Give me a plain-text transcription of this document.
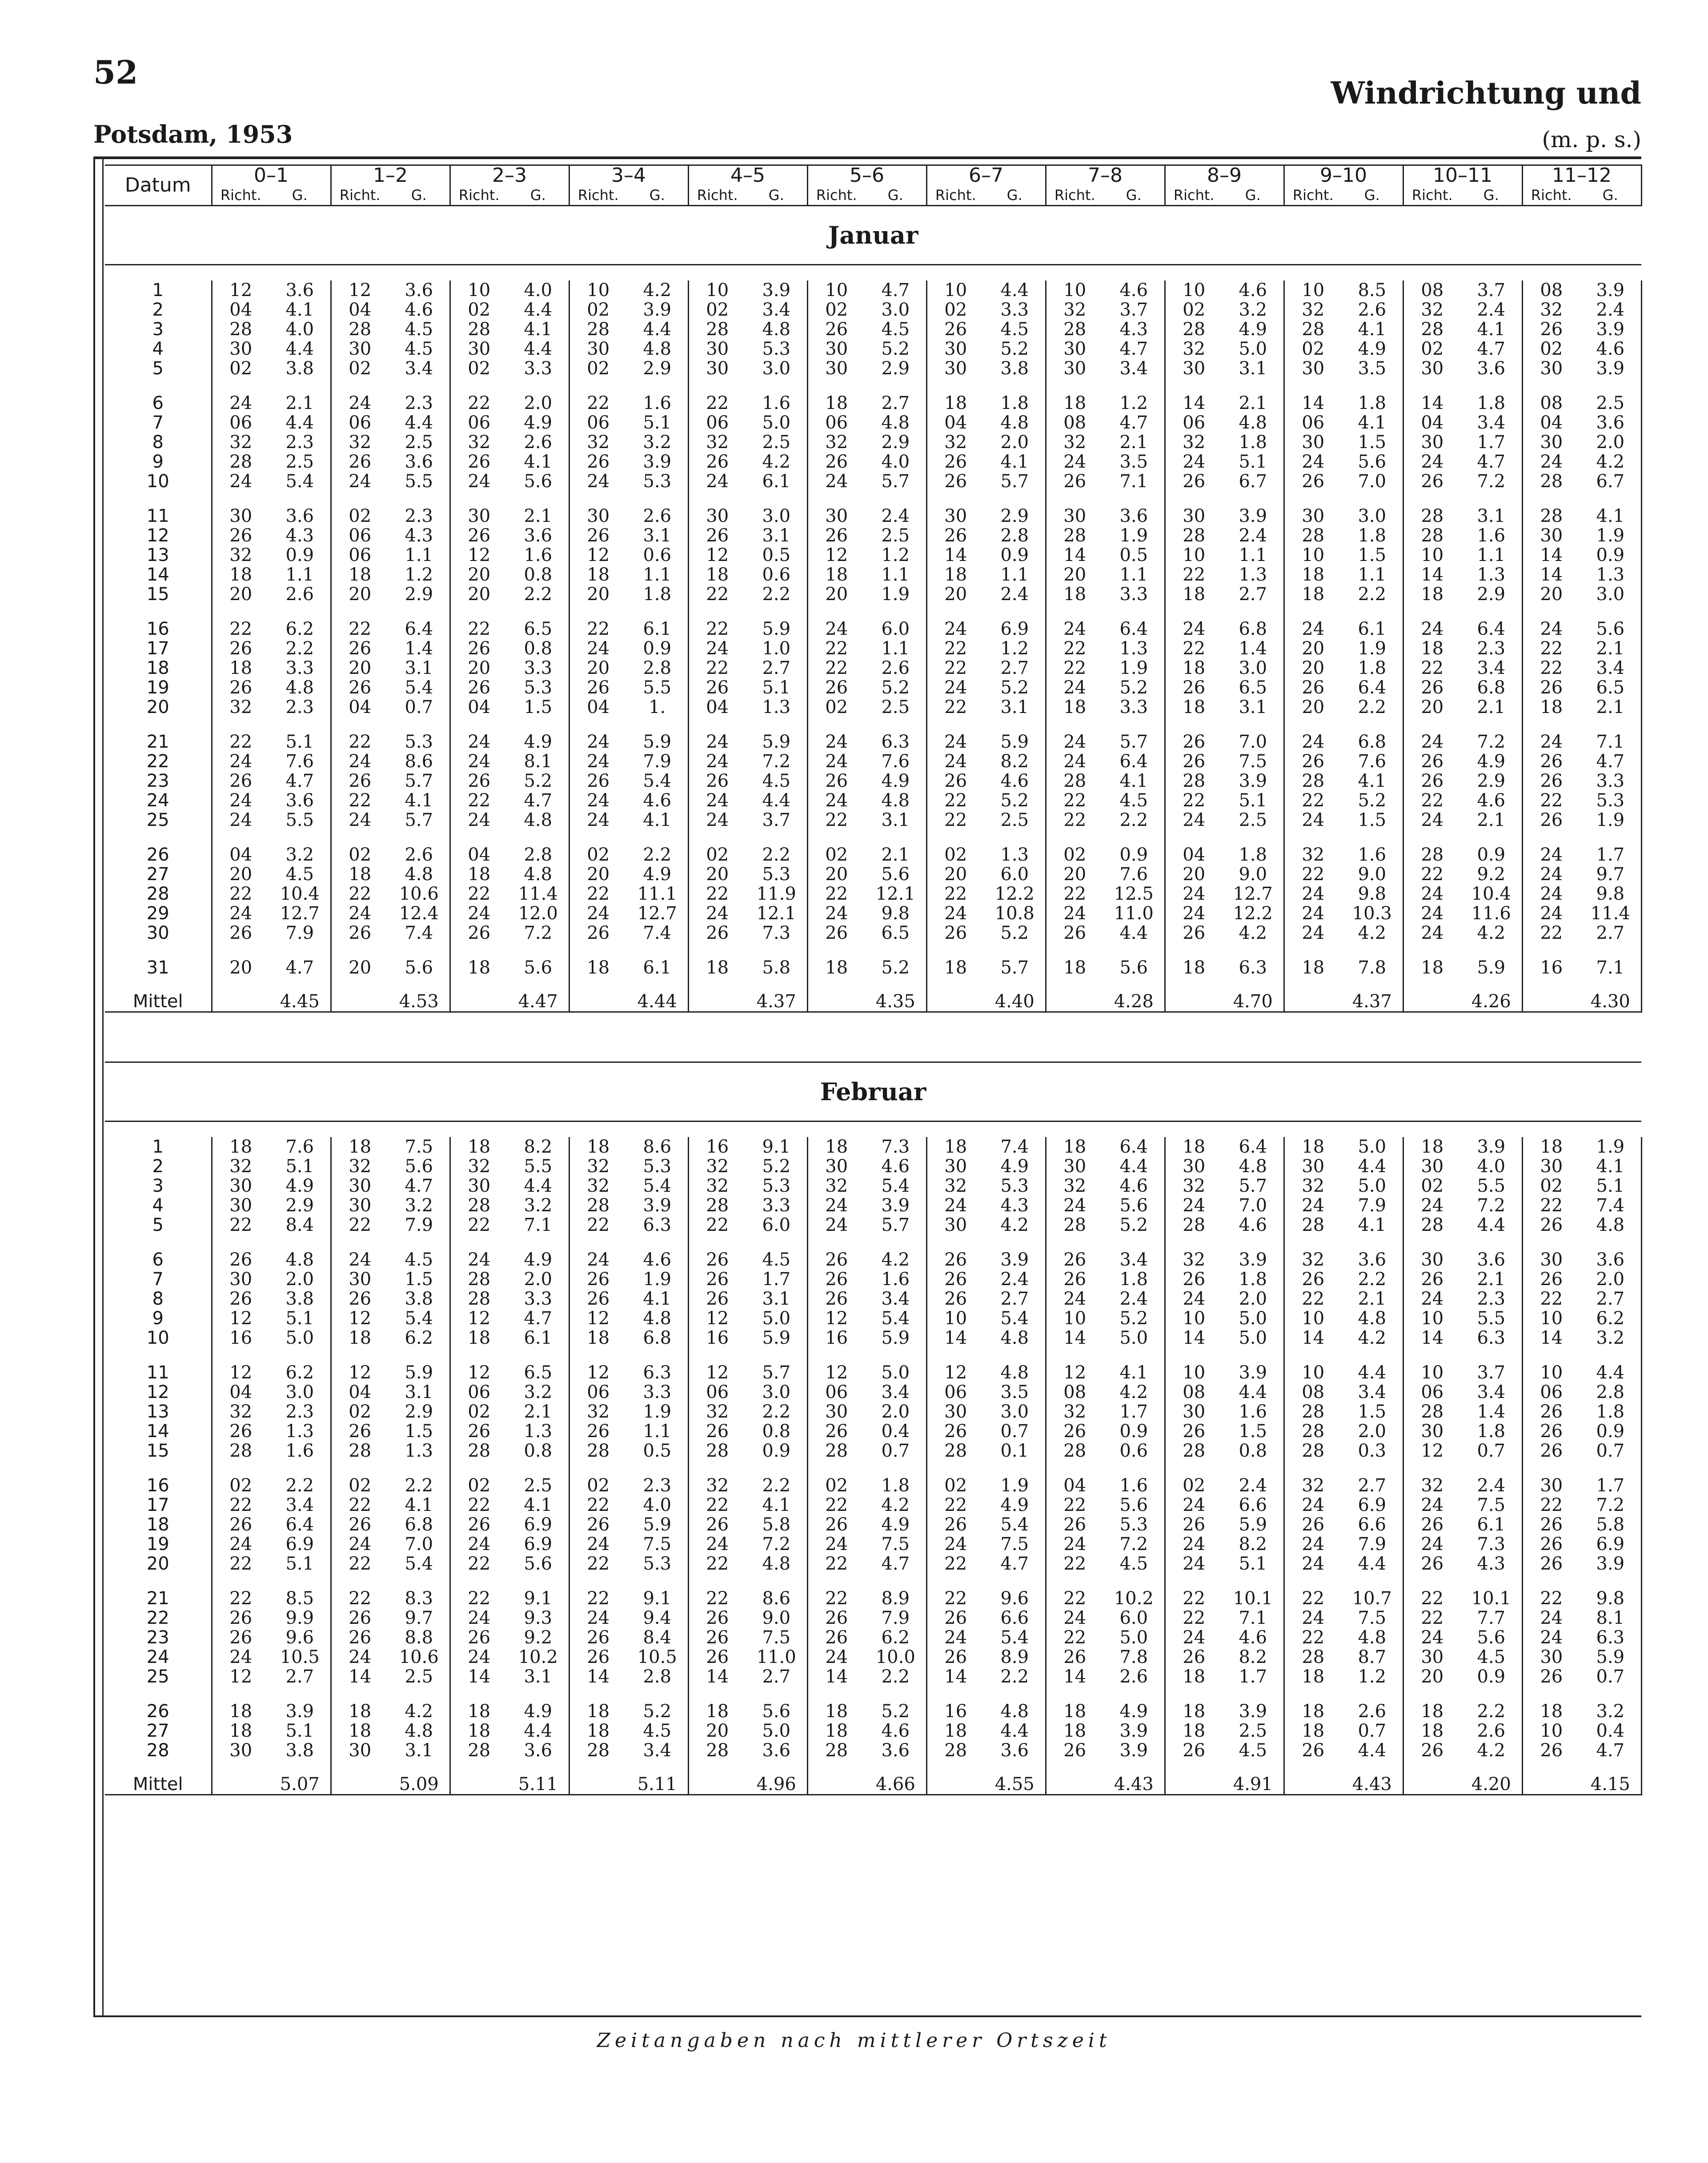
52
Windrichtung und
Potsdam, 1953	(m. p. s.)
Datum	0–1		1–2		2–3		3–4		4–5		5–6		6–7		7–8		8–9		9–10		10–11		11–12	
	Richt.	G.	Richt.	G.	Richt.	G.	Richt.	G.	Richt.	G.	Richt.	G.	Richt.	G.	Richt.	G.	Richt.	G.	Richt.	G.	Richt.	G.	Richt.	G.
Januar																								

1	12	3.6	12	3.6	10	4.0	10	4.2	10	3.9	10	4.7	10	4.4	10	4.6	10	4.6	10	8.5	08	3.7	08	3.9
2	04	4.1	04	4.6	02	4.4	02	3.9	02	3.4	02	3.0	02	3.3	32	3.7	02	3.2	32	2.6	32	2.4	32	2.4
3	28	4.0	28	4.5	28	4.1	28	4.4	28	4.8	26	4.5	26	4.5	28	4.3	28	4.9	28	4.1	28	4.1	26	3.9
4	30	4.4	30	4.5	30	4.4	30	4.8	30	5.3	30	5.2	30	5.2	30	4.7	32	5.0	02	4.9	02	4.7	02	4.6
5	02	3.8	02	3.4	02	3.3	02	2.9	30	3.0	30	2.9	30	3.8	30	3.4	30	3.1	30	3.5	30	3.6	30	3.9

6	24	2.1	24	2.3	22	2.0	22	1.6	22	1.6	18	2.7	18	1.8	18	1.2	14	2.1	14	1.8	14	1.8	08	2.5
7	06	4.4	06	4.4	06	4.9	06	5.1	06	5.0	06	4.8	04	4.8	08	4.7	06	4.8	06	4.1	04	3.4	04	3.6
8	32	2.3	32	2.5	32	2.6	32	3.2	32	2.5	32	2.9	32	2.0	32	2.1	32	1.8	30	1.5	30	1.7	30	2.0
9	28	2.5	26	3.6	26	4.1	26	3.9	26	4.2	26	4.0	26	4.1	24	3.5	24	5.1	24	5.6	24	4.7	24	4.2
10	24	5.4	24	5.5	24	5.6	24	5.3	24	6.1	24	5.7	26	5.7	26	7.1	26	6.7	26	7.0	26	7.2	28	6.7

11	30	3.6	02	2.3	30	2.1	30	2.6	30	3.0	30	2.4	30	2.9	30	3.6	30	3.9	30	3.0	28	3.1	28	4.1
12	26	4.3	06	4.3	26	3.6	26	3.1	26	3.1	26	2.5	26	2.8	28	1.9	28	2.4	28	1.8	28	1.6	30	1.9
13	32	0.9	06	1.1	12	1.6	12	0.6	12	0.5	12	1.2	14	0.9	14	0.5	10	1.1	10	1.5	10	1.1	14	0.9
14	18	1.1	18	1.2	20	0.8	18	1.1	18	0.6	18	1.1	18	1.1	20	1.1	22	1.3	18	1.1	14	1.3	14	1.3
15	20	2.6	20	2.9	20	2.2	20	1.8	22	2.2	20	1.9	20	2.4	18	3.3	18	2.7	18	2.2	18	2.9	20	3.0

16	22	6.2	22	6.4	22	6.5	22	6.1	22	5.9	24	6.0	24	6.9	24	6.4	24	6.8	24	6.1	24	6.4	24	5.6
17	26	2.2	26	1.4	26	0.8	24	0.9	24	1.0	22	1.1	22	1.2	22	1.3	22	1.4	20	1.9	18	2.3	22	2.1
18	18	3.3	20	3.1	20	3.3	20	2.8	22	2.7	22	2.6	22	2.7	22	1.9	18	3.0	20	1.8	22	3.4	22	3.4
19	26	4.8	26	5.4	26	5.3	26	5.5	26	5.1	26	5.2	24	5.2	24	5.2	26	6.5	26	6.4	26	6.8	26	6.5
20	32	2.3	04	0.7	04	1.5	04	1.	04	1.3	02	2.5	22	3.1	18	3.3	18	3.1	20	2.2	20	2.1	18	2.1

21	22	5.1	22	5.3	24	4.9	24	5.9	24	5.9	24	6.3	24	5.9	24	5.7	26	7.0	24	6.8	24	7.2	24	7.1
22	24	7.6	24	8.6	24	8.1	24	7.9	24	7.2	24	7.6	24	8.2	24	6.4	26	7.5	26	7.6	26	4.9	26	4.7
23	26	4.7	26	5.7	26	5.2	26	5.4	26	4.5	26	4.9	26	4.6	28	4.1	28	3.9	28	4.1	26	2.9	26	3.3
24	24	3.6	22	4.1	22	4.7	24	4.6	24	4.4	24	4.8	22	5.2	22	4.5	22	5.1	22	5.2	22	4.6	22	5.3
25	24	5.5	24	5.7	24	4.8	24	4.1	24	3.7	22	3.1	22	2.5	22	2.2	24	2.5	24	1.5	24	2.1	26	1.9

26	04	3.2	02	2.6	04	2.8	02	2.2	02	2.2	02	2.1	02	1.3	02	0.9	04	1.8	32	1.6	28	0.9	24	1.7
27	20	4.5	18	4.8	18	4.8	20	4.9	20	5.3	20	5.6	20	6.0	20	7.6	20	9.0	22	9.0	22	9.2	24	9.7
28	22	10.4	22	10.6	22	11.4	22	11.1	22	11.9	22	12.1	22	12.2	22	12.5	24	12.7	24	9.8	24	10.4	24	9.8
29	24	12.7	24	12.4	24	12.0	24	12.7	24	12.1	24	9.8	24	10.8	24	11.0	24	12.2	24	10.3	24	11.6	24	11.4
30	26	7.9	26	7.4	26	7.2	26	7.4	26	7.3	26	6.5	26	5.2	26	4.4	26	4.2	24	4.2	24	4.2	22	2.7

31	20	4.7	20	5.6	18	5.6	18	6.1	18	5.8	18	5.2	18	5.7	18	5.6	18	6.3	18	7.8	18	5.9	16	7.1
Mittel		4.45		4.53		4.47		4.44		4.37		4.35		4.40		4.28		4.70		4.37		4.26		4.30

Februar																								

1	18	7.6	18	7.5	18	8.2	18	8.6	16	9.1	18	7.3	18	7.4	18	6.4	18	6.4	18	5.0	18	3.9	18	1.9
2	32	5.1	32	5.6	32	5.5	32	5.3	32	5.2	30	4.6	30	4.9	30	4.4	30	4.8	30	4.4	30	4.0	30	4.1
3	30	4.9	30	4.7	30	4.4	32	5.4	32	5.3	32	5.4	32	5.3	32	4.6	32	5.7	32	5.0	02	5.5	02	5.1
4	30	2.9	30	3.2	28	3.2	28	3.9	28	3.3	24	3.9	24	4.3	24	5.6	24	7.0	24	7.9	24	7.2	22	7.4
5	22	8.4	22	7.9	22	7.1	22	6.3	22	6.0	24	5.7	30	4.2	28	5.2	28	4.6	28	4.1	28	4.4	26	4.8

6	26	4.8	24	4.5	24	4.9	24	4.6	26	4.5	26	4.2	26	3.9	26	3.4	32	3.9	32	3.6	30	3.6	30	3.6
7	30	2.0	30	1.5	28	2.0	26	1.9	26	1.7	26	1.6	26	2.4	26	1.8	26	1.8	26	2.2	26	2.1	26	2.0
8	26	3.8	26	3.8	28	3.3	26	4.1	26	3.1	26	3.4	26	2.7	24	2.4	24	2.0	22	2.1	24	2.3	22	2.7
9	12	5.1	12	5.4	12	4.7	12	4.8	12	5.0	12	5.4	10	5.4	10	5.2	10	5.0	10	4.8	10	5.5	10	6.2
10	16	5.0	18	6.2	18	6.1	18	6.8	16	5.9	16	5.9	14	4.8	14	5.0	14	5.0	14	4.2	14	6.3	14	3.2

11	12	6.2	12	5.9	12	6.5	12	6.3	12	5.7	12	5.0	12	4.8	12	4.1	10	3.9	10	4.4	10	3.7	10	4.4
12	04	3.0	04	3.1	06	3.2	06	3.3	06	3.0	06	3.4	06	3.5	08	4.2	08	4.4	08	3.4	06	3.4	06	2.8
13	32	2.3	02	2.9	02	2.1	32	1.9	32	2.2	30	2.0	30	3.0	32	1.7	30	1.6	28	1.5	28	1.4	26	1.8
14	26	1.3	26	1.5	26	1.3	26	1.1	26	0.8	26	0.4	26	0.7	26	0.9	26	1.5	28	2.0	30	1.8	26	0.9
15	28	1.6	28	1.3	28	0.8	28	0.5	28	0.9	28	0.7	28	0.1	28	0.6	28	0.8	28	0.3	12	0.7	26	0.7

16	02	2.2	02	2.2	02	2.5	02	2.3	32	2.2	02	1.8	02	1.9	04	1.6	02	2.4	32	2.7	32	2.4	30	1.7
17	22	3.4	22	4.1	22	4.1	22	4.0	22	4.1	22	4.2	22	4.9	22	5.6	24	6.6	24	6.9	24	7.5	22	7.2
18	26	6.4	26	6.8	26	6.9	26	5.9	26	5.8	26	4.9	26	5.4	26	5.3	26	5.9	26	6.6	26	6.1	26	5.8
19	24	6.9	24	7.0	24	6.9	24	7.5	24	7.2	24	7.5	24	7.5	24	7.2	24	8.2	24	7.9	24	7.3	26	6.9
20	22	5.1	22	5.4	22	5.6	22	5.3	22	4.8	22	4.7	22	4.7	22	4.5	24	5.1	24	4.4	26	4.3	26	3.9

21	22	8.5	22	8.3	22	9.1	22	9.1	22	8.6	22	8.9	22	9.6	22	10.2	22	10.1	22	10.7	22	10.1	22	9.8
22	26	9.9	26	9.7	24	9.3	24	9.4	26	9.0	26	7.9	26	6.6	24	6.0	22	7.1	24	7.5	22	7.7	24	8.1
23	26	9.6	26	8.8	26	9.2	26	8.4	26	7.5	26	6.2	24	5.4	22	5.0	24	4.6	22	4.8	24	5.6	24	6.3
24	24	10.5	24	10.6	24	10.2	26	10.5	26	11.0	24	10.0	26	8.9	26	7.8	26	8.2	28	8.7	30	4.5	30	5.9
25	12	2.7	14	2.5	14	3.1	14	2.8	14	2.7	14	2.2	14	2.2	14	2.6	18	1.7	18	1.2	20	0.9	26	0.7

26	18	3.9	18	4.2	18	4.9	18	5.2	18	5.6	18	5.2	16	4.8	18	4.9	18	3.9	18	2.6	18	2.2	18	3.2
27	18	5.1	18	4.8	18	4.4	18	4.5	20	5.0	18	4.6	18	4.4	18	3.9	18	2.5	18	0.7	18	2.6	10	0.4
28	30	3.8	30	3.1	28	3.6	28	3.4	28	3.6	28	3.6	28	3.6	26	3.9	26	4.5	26	4.4	26	4.2	26	4.7
Mittel		5.07		5.09		5.11		5.11		4.96		4.66		4.55		4.43		4.91		4.43		4.20		4.15
Zeitangaben nach mittlerer Ortszeit
